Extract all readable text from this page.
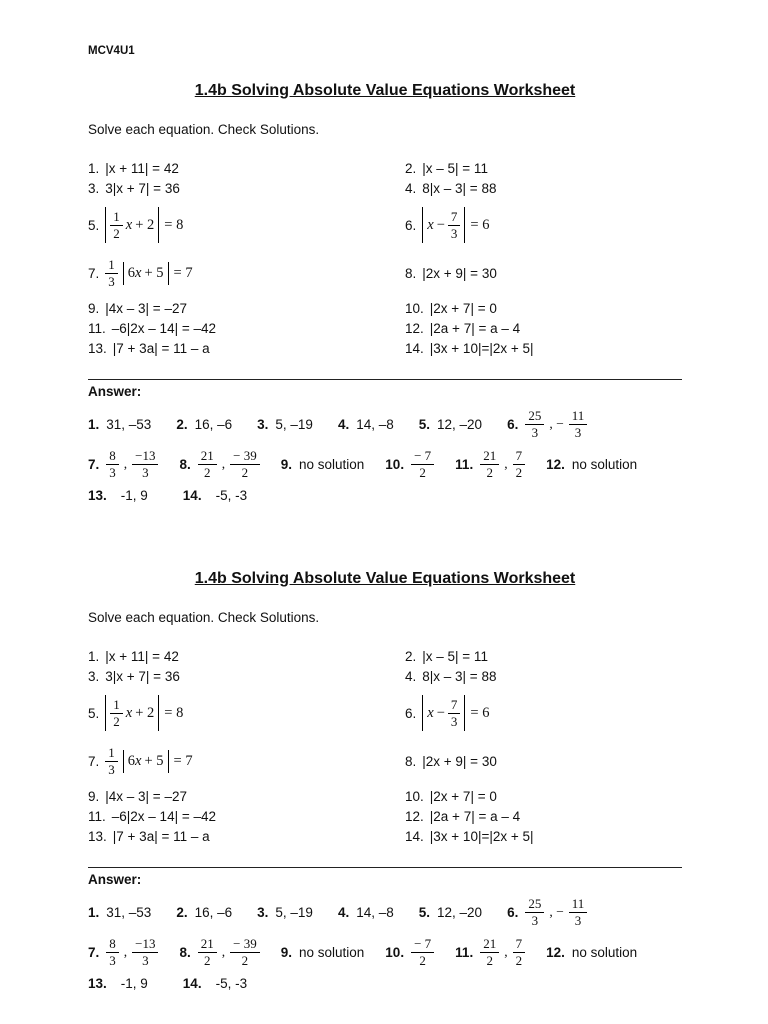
MCV4U1
1.4b Solving Absolute Value Equations Worksheet

Solve each equation. Check Solutions.

1. |x + 11| = 42	2. |x – 5| = 11
3. 3|x + 7| = 36	4. 8|x – 3| = 88
5. $\frac{1}{2}$ x + 2 = 8	6. $x - \frac{7}{3} = 6$
7. $\frac{1}{3} 6$ x + 5 = 7	8. |2x + 9| = 30
9. |4x – 3| = –27	10. |2x + 7| = 0
11. –6|2x – 14| = –42	12. |2a + 7| = a – 4
13. |7 + 3a| = 11 – a	14. |3x + 10|=|2x + 5|
Answer:
1. 31, –53 2. 16, –6 3. 5, –19 4. 14, –8 5. 12, –20 6. $\frac{25}{3}$ , − $\frac{11}{3}$
7. $\frac{8}{3}$ , $\frac{-13}{3} 8$. $\frac{21}{2}$ , $\frac{- 39}{2} 9$. no solution 10. $\frac{- 7}{2} 11$. $\frac{21}{2}$ , $\frac{7}{2} 12$. no solution
13. -1, 9	14. -5, -3
1.4b Solving Absolute Value Equations Worksheet

Solve each equation. Check Solutions.

1. |x + 11| = 42	2. |x – 5| = 11
3. 3|x + 7| = 36	4. 8|x – 3| = 88
5. $\frac{1}{2}$ x + 2 = 8	6. $x - \frac{7}{3} = 6$
7. $\frac{1}{3} 6$ x + 5 = 7	8. |2x + 9| = 30
9. |4x – 3| = –27	10. |2x + 7| = 0
11. –6|2x – 14| = –42	12. |2a + 7| = a – 4
13. |7 + 3a| = 11 – a	14. |3x + 10|=|2x + 5|
Answer:
1. 31, –53 2. 16, –6 3. 5, –19 4. 14, –8 5. 12, –20 6. $\frac{25}{3}$ , − $\frac{11}{3}$
7. $\frac{8}{3}$ , $\frac{-13}{3} 8$. $\frac{21}{2}$ , $\frac{- 39}{2} 9$. no solution 10. $\frac{- 7}{2} 11$. $\frac{21}{2}$ , $\frac{7}{2} 12$. no solution
13. -1, 9	14. -5, -3
